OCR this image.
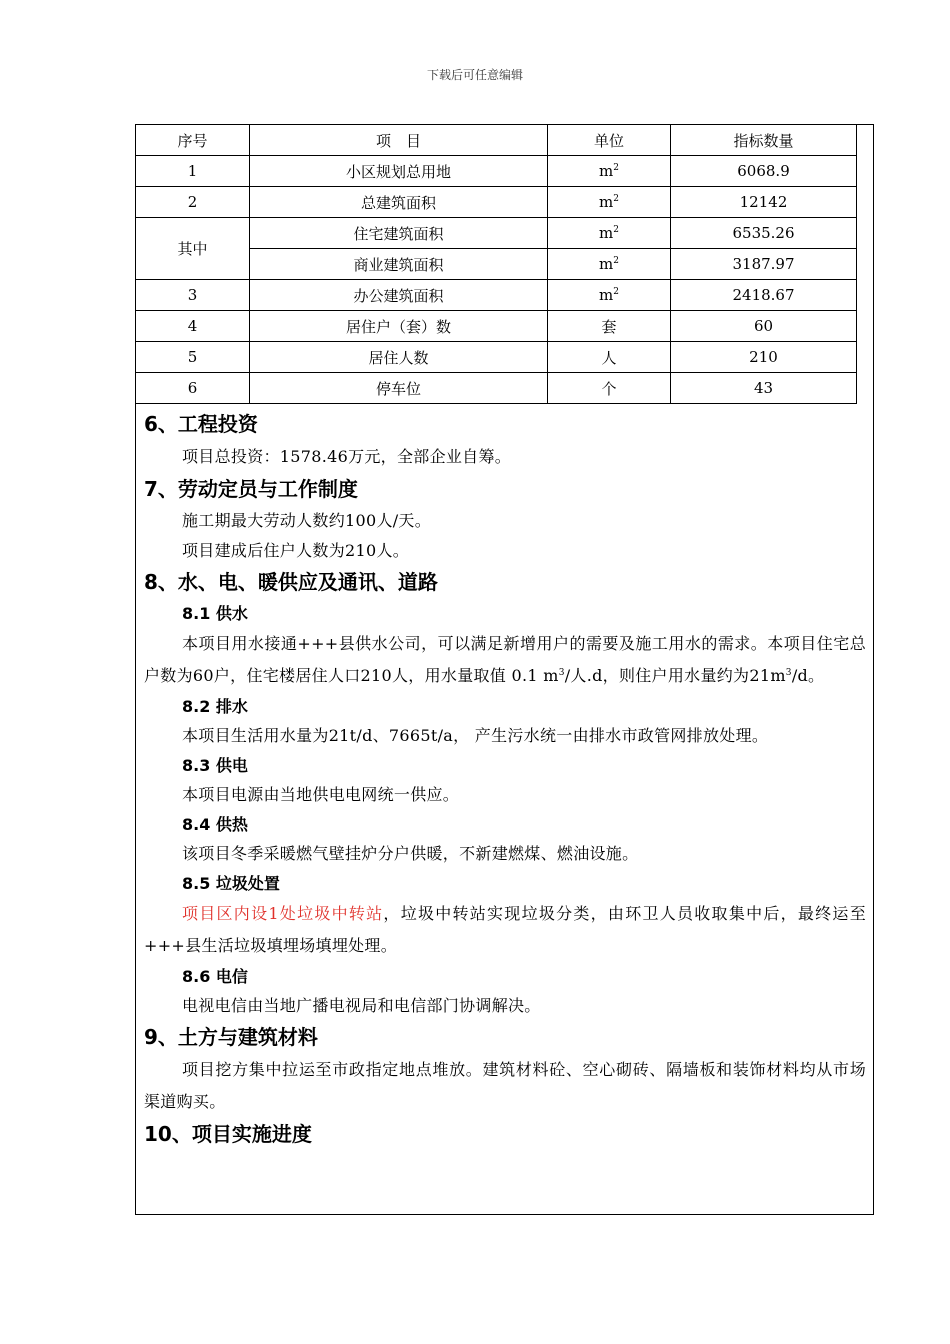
下载后可任意编辑
序号	项　目	单位	指标数量
1	小区规划总用地	$m^2$	6068.9
2	总建筑面积	$m^2$	12142
其中	住宅建筑面积	$m^2$	6535.26
	商业建筑面积	$m^2$	3187.97
3	办公建筑面积	$m^2$	2418.67
4	居住户（套）数	套	60
5	居住人数	人	210
6	停车位	个	43
6、工程投资

项目总投资：1578.46万元，全部企业自筹。

7、劳动定员与工作制度

施工期最大劳动人数约100人/天。

项目建成后住户人数为210人。

8、水、电、暖供应及通讯、道路
8.1 供水

本项目用水接通+++县供水公司，可以满足新增用户的需要及施工用水的需求。本项目住宅总户数为60户，住宅楼居住人口210人，用水量取值 0.1 $m^3/$人.d，则住户用水量约为$21m^3/d$。

8.2 排水

本项目生活用水量为21t/d、7665t/a， 产生污水统一由排水市政管网排放处理。

8.3 供电

本项目电源由当地供电电网统一供应。

8.4 供热

该项目冬季采暖燃气壁挂炉分户供暖，不新建燃煤、燃油设施。

8.5 垃圾处置

项目区内设1处垃圾中转站，垃圾中转站实现垃圾分类，由环卫人员收取集中后，最终运至+++县生活垃圾填埋场填埋处理。

8.6 电信

电视电信由当地广播电视局和电信部门协调解决。

9、土方与建筑材料

项目挖方集中拉运至市政指定地点堆放。建筑材料砼、空心砌砖、隔墙板和装饰材料均从市场渠道购买。

10、项目实施进度
